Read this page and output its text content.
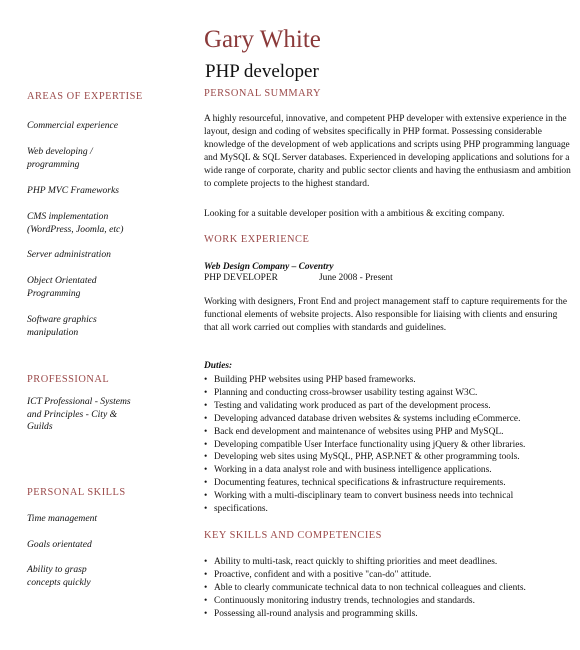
Gary White
PHP developer
AREAS OF EXPERTISE
Commercial experience
Web developing / programming
PHP MVC Frameworks
CMS implementation (WordPress, Joomla, etc)
Server administration
Object Orientated Programming
Software graphics manipulation
PROFESSIONAL
ICT Professional - Systems and Principles - City & Guilds
PERSONAL SKILLS
Time management
Goals orientated
Ability to grasp concepts quickly
PERSONAL SUMMARY
A highly resourceful, innovative, and competent PHP developer with extensive experience in the layout, design and coding of websites specifically in PHP format. Possessing considerable knowledge of the development of web applications and scripts using PHP programming language and MySQL & SQL Server databases. Experienced in developing applications and solutions for a wide range of corporate, charity and public sector clients and having the enthusiasm and ambition to complete projects to the highest standard.
Looking for a suitable developer position with a ambitious & exciting company.
WORK EXPERIENCE
Web Design Company – Coventry
PHP DEVELOPER	June 2008 - Present
Working with designers, Front End and project management staff to capture requirements for the functional elements of website projects. Also responsible for liaising with clients and ensuring that all work carried out complies with standards and guidelines.
Duties:
• Building PHP websites using PHP based frameworks.
• Planning and conducting cross-browser usability testing against W3C.
• Testing and validating work produced as part of the development process.
• Developing advanced database driven websites & systems including eCommerce.
• Back end development and maintenance of websites using PHP and MySQL.
• Developing compatible User Interface functionality using jQuery & other libraries.
• Developing web sites using MySQL, PHP, ASP.NET & other programming tools.
• Working in a data analyst role and with business intelligence applications.
• Documenting features, technical specifications & infrastructure requirements.
• Working with a multi-disciplinary team to convert business needs into technical
• specifications.
KEY SKILLS AND COMPETENCIES
• Ability to multi-task, react quickly to shifting priorities and meet deadlines.
• Proactive, confident and with a positive "can-do" attitude.
• Able to clearly communicate technical data to non technical colleagues and clients.
• Continuously monitoring industry trends, technologies and standards.
• Possessing all-round analysis and programming skills.
